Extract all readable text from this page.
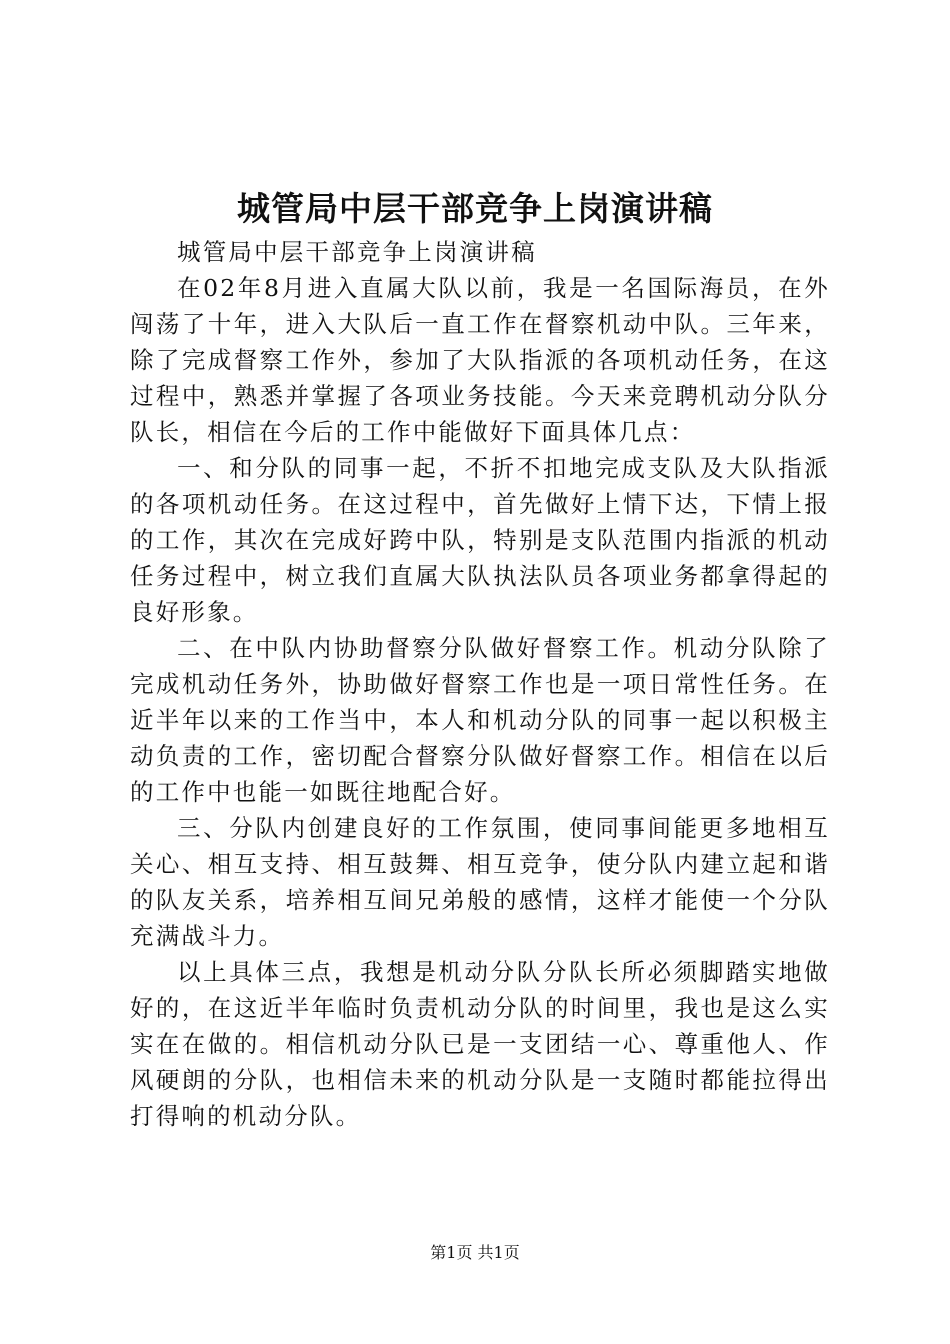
城管局中层干部竞争上岗演讲稿

城管局中层干部竞争上岗演讲稿

在02年8月进入直属大队以前，我是一名国际海员，在外闯荡了十年，进入大队后一直工作在督察机动中队。三年来，除了完成督察工作外，参加了大队指派的各项机动任务，在这过程中，熟悉并掌握了各项业务技能。今天来竞聘机动分队分队长，相信在今后的工作中能做好下面具体几点：

一、和分队的同事一起，不折不扣地完成支队及大队指派的各项机动任务。在这过程中，首先做好上情下达，下情上报的工作，其次在完成好跨中队，特别是支队范围内指派的机动任务过程中，树立我们直属大队执法队员各项业务都拿得起的良好形象。

二、在中队内协助督察分队做好督察工作。机动分队除了完成机动任务外，协助做好督察工作也是一项日常性任务。在近半年以来的工作当中，本人和机动分队的同事一起以积极主动负责的工作，密切配合督察分队做好督察工作。相信在以后的工作中也能一如既往地配合好。

三、分队内创建良好的工作氛围，使同事间能更多地相互关心、相互支持、相互鼓舞、相互竞争，使分队内建立起和谐的队友关系，培养相互间兄弟般的感情，这样才能使一个分队充满战斗力。

以上具体三点，我想是机动分队分队长所必须脚踏实地做好的，在这近半年临时负责机动分队的时间里，我也是这么实实在在做的。相信机动分队已是一支团结一心、尊重他人、作风硬朗的分队，也相信未来的机动分队是一支随时都能拉得出打得响的机动分队。

第1页 共1页
